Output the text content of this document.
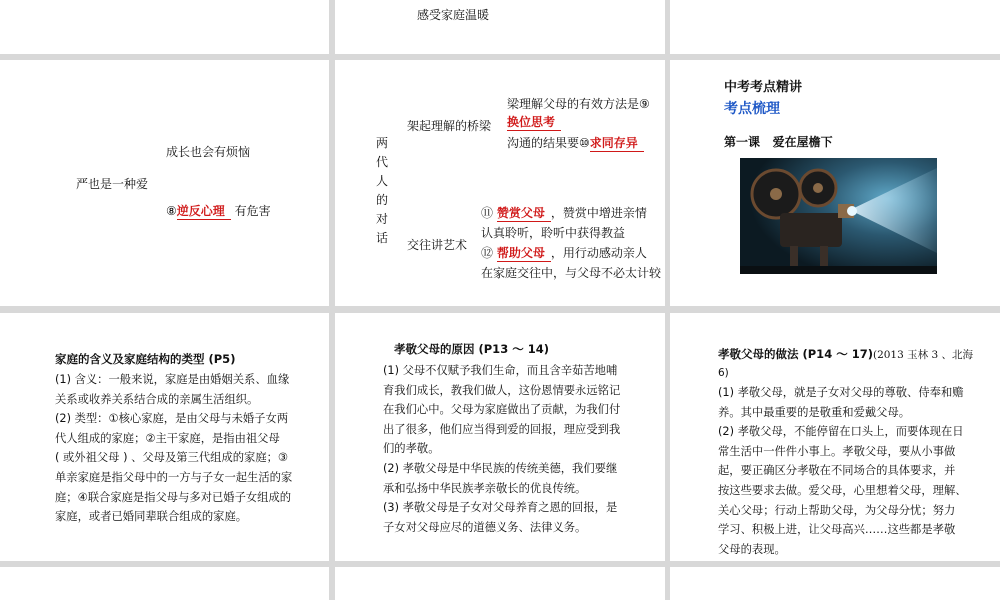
感受家庭温暖
成长也会有烦恼
严也是一种爱
⑧逆反心理 有危害
两
代
人
的
对
话
架起理解的桥梁
梁理解父母的有效方法是⑨
换位思考
沟通的结果要⑩求同存异
交往讲艺术
⑪ 赞赏父母 ，赞赏中增进亲情
认真聆听，聆听中获得教益
⑫ 帮助父母 ，用行动感动亲人
在家庭交往中，与父母不必太计较
中考考点精讲
考点梳理
第一课 爱在屋檐下
家庭的含义及家庭结构的类型 (P5)

(1) 含义：一般来说，家庭是由婚姻关系、血缘

关系或收养关系结合成的亲属生活组织。

(2) 类型：①核心家庭，是由父母与未婚子女两

代人组成的家庭；②主干家庭，是指由祖父母

( 或外祖父母 ) 、父母及第三代组成的家庭；③

单亲家庭是指父母中的一方与子女一起生活的家

庭；④联合家庭是指父母与多对已婚子女组成的

家庭，或者已婚同辈联合组成的家庭。

孝敬父母的原因 (P13 ～ 14)

(1) 父母不仅赋予我们生命，而且含辛茹苦地哺

育我们成长，教我们做人，这份恩情要永远铭记

在我们心中。父母为家庭做出了贡献，为我们付

出了很多，他们应当得到爱的回报，理应受到我

们的孝敬。

(2) 孝敬父母是中华民族的传统美德，我们要继

承和弘扬中华民族孝亲敬长的优良传统。

(3) 孝敬父母是子女对父母养育之恩的回报，是

子女对父母应尽的道德义务、法律义务。

孝敬父母的做法 (P14 ～ 17)(2013 玉林 3 、北海
6)

(1) 孝敬父母，就是子女对父母的尊敬、侍奉和赡

养。其中最重要的是敬重和爱戴父母。

(2) 孝敬父母，不能停留在口头上，而要体现在日

常生活中一件件小事上。孝敬父母，要从小事做

起，要正确区分孝敬在不同场合的具体要求，并

按这些要求去做。爱父母，心里想着父母，理解、

关心父母；行动上帮助父母，为父母分忧；努力

学习、积极上进，让父母高兴……这些都是孝敬

父母的表现。
